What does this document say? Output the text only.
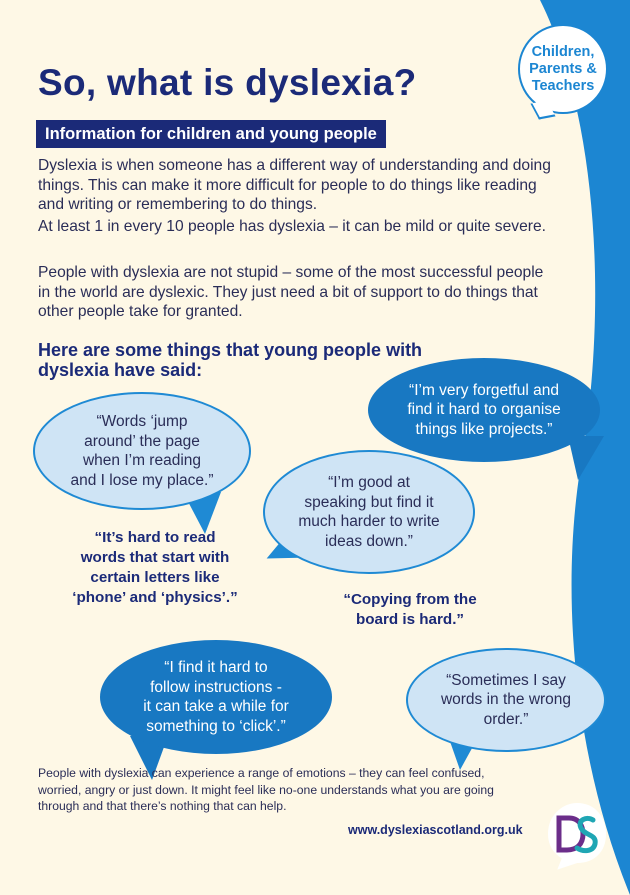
So, what is dyslexia?
Children,
Parents &
Teachers
Information for children and young people

Dyslexia is when someone has a different way of understanding and doing things. This can make it more difficult for people to do things like reading and writing or remembering to do things.

At least 1 in every 10 people has dyslexia – it can be mild or quite severe.

People with dyslexia are not stupid – some of the most successful people in the world are dyslexic. They just need a bit of support to do things that other people take for granted.

Here are some things that young people with dyslexia have said:
“Words ‘jump
around’ the page
when I’m reading
and I lose my place.”
“I’m very forgetful and
find it hard to organise
things like projects.”
“I’m good at
speaking but find it
much harder to write
ideas down.”
“It’s hard to read
words that start with
certain letters like
‘phone’ and ‘physics’.”	“Copying from the
board is hard.”
“I find it hard to
follow instructions -
it can take a while for
something to ‘click’.”
“Sometimes I say
words in the wrong
order.”

People with dyslexia can experience a range of emotions – they can feel confused, worried, angry or just down. It might feel like no-one understands what you are going through and that there’s nothing that can help.

www.dyslexiascotland.org.uk
